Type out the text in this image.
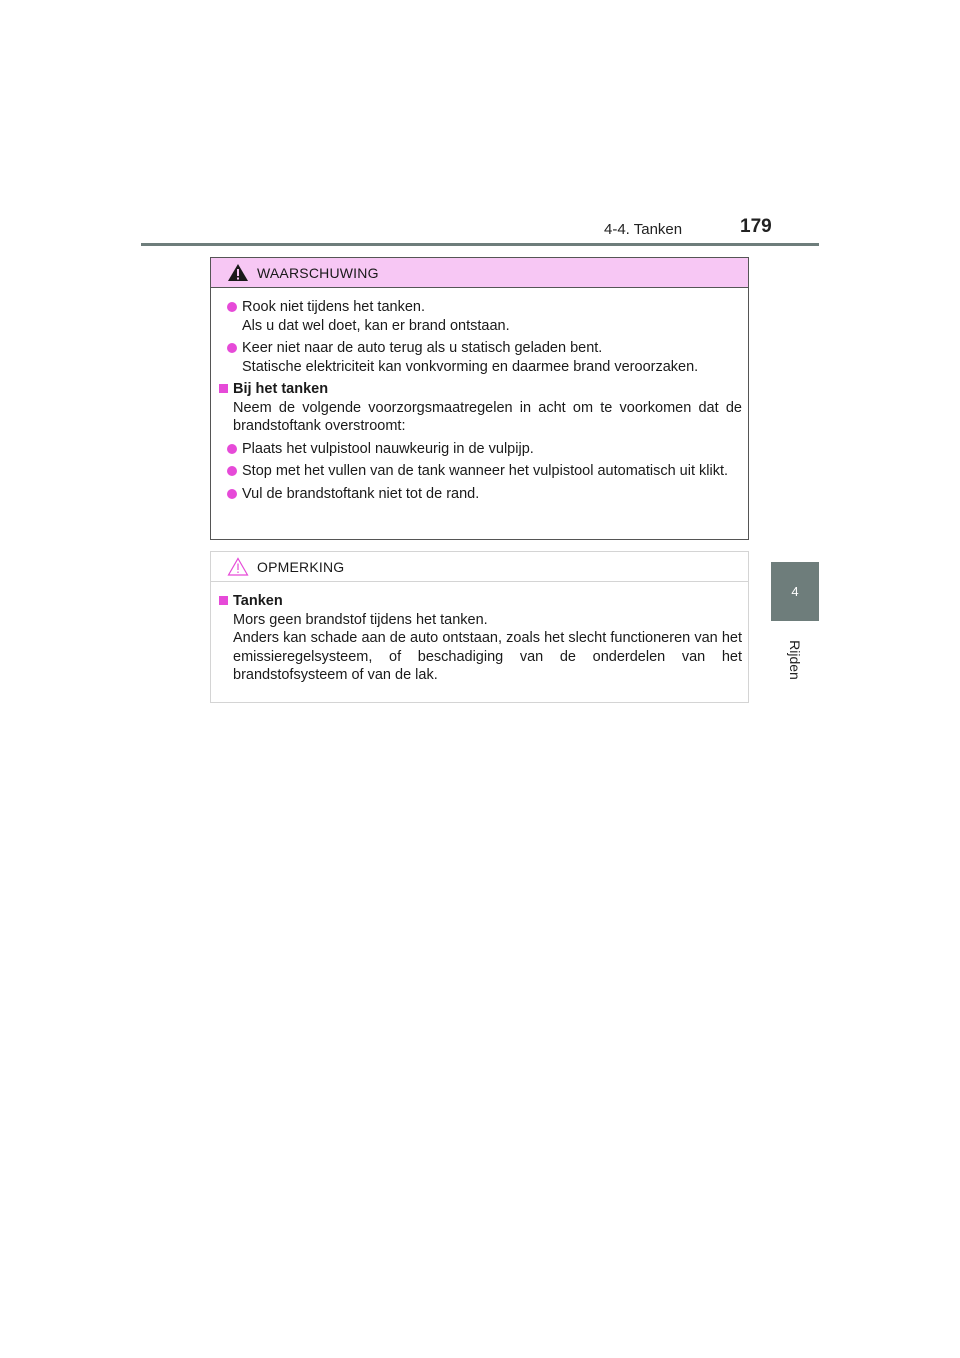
4-4. Tanken	179
4
Rijden
WAARSCHUWING
Rook niet tijdens het tanken.
Als u dat wel doet, kan er brand ontstaan.
Keer niet naar de auto terug als u statisch geladen bent.
Statische elektriciteit kan vonkvorming en daarmee brand veroorzaken.
Bij het tanken
Neem de volgende voorzorgsmaatregelen in acht om te voorkomen dat de brandstoftank overstroomt:
Plaats het vulpistool nauwkeurig in de vulpijp.
Stop met het vullen van de tank wanneer het vulpistool automatisch uit klikt.
Vul de brandstoftank niet tot de rand.
OPMERKING
Tanken
Mors geen brandstof tijdens het tanken.
Anders kan schade aan de auto ontstaan, zoals het slecht functioneren van het emissieregelsysteem, of beschadiging van de onderdelen van het brandstofsysteem of van de lak.
